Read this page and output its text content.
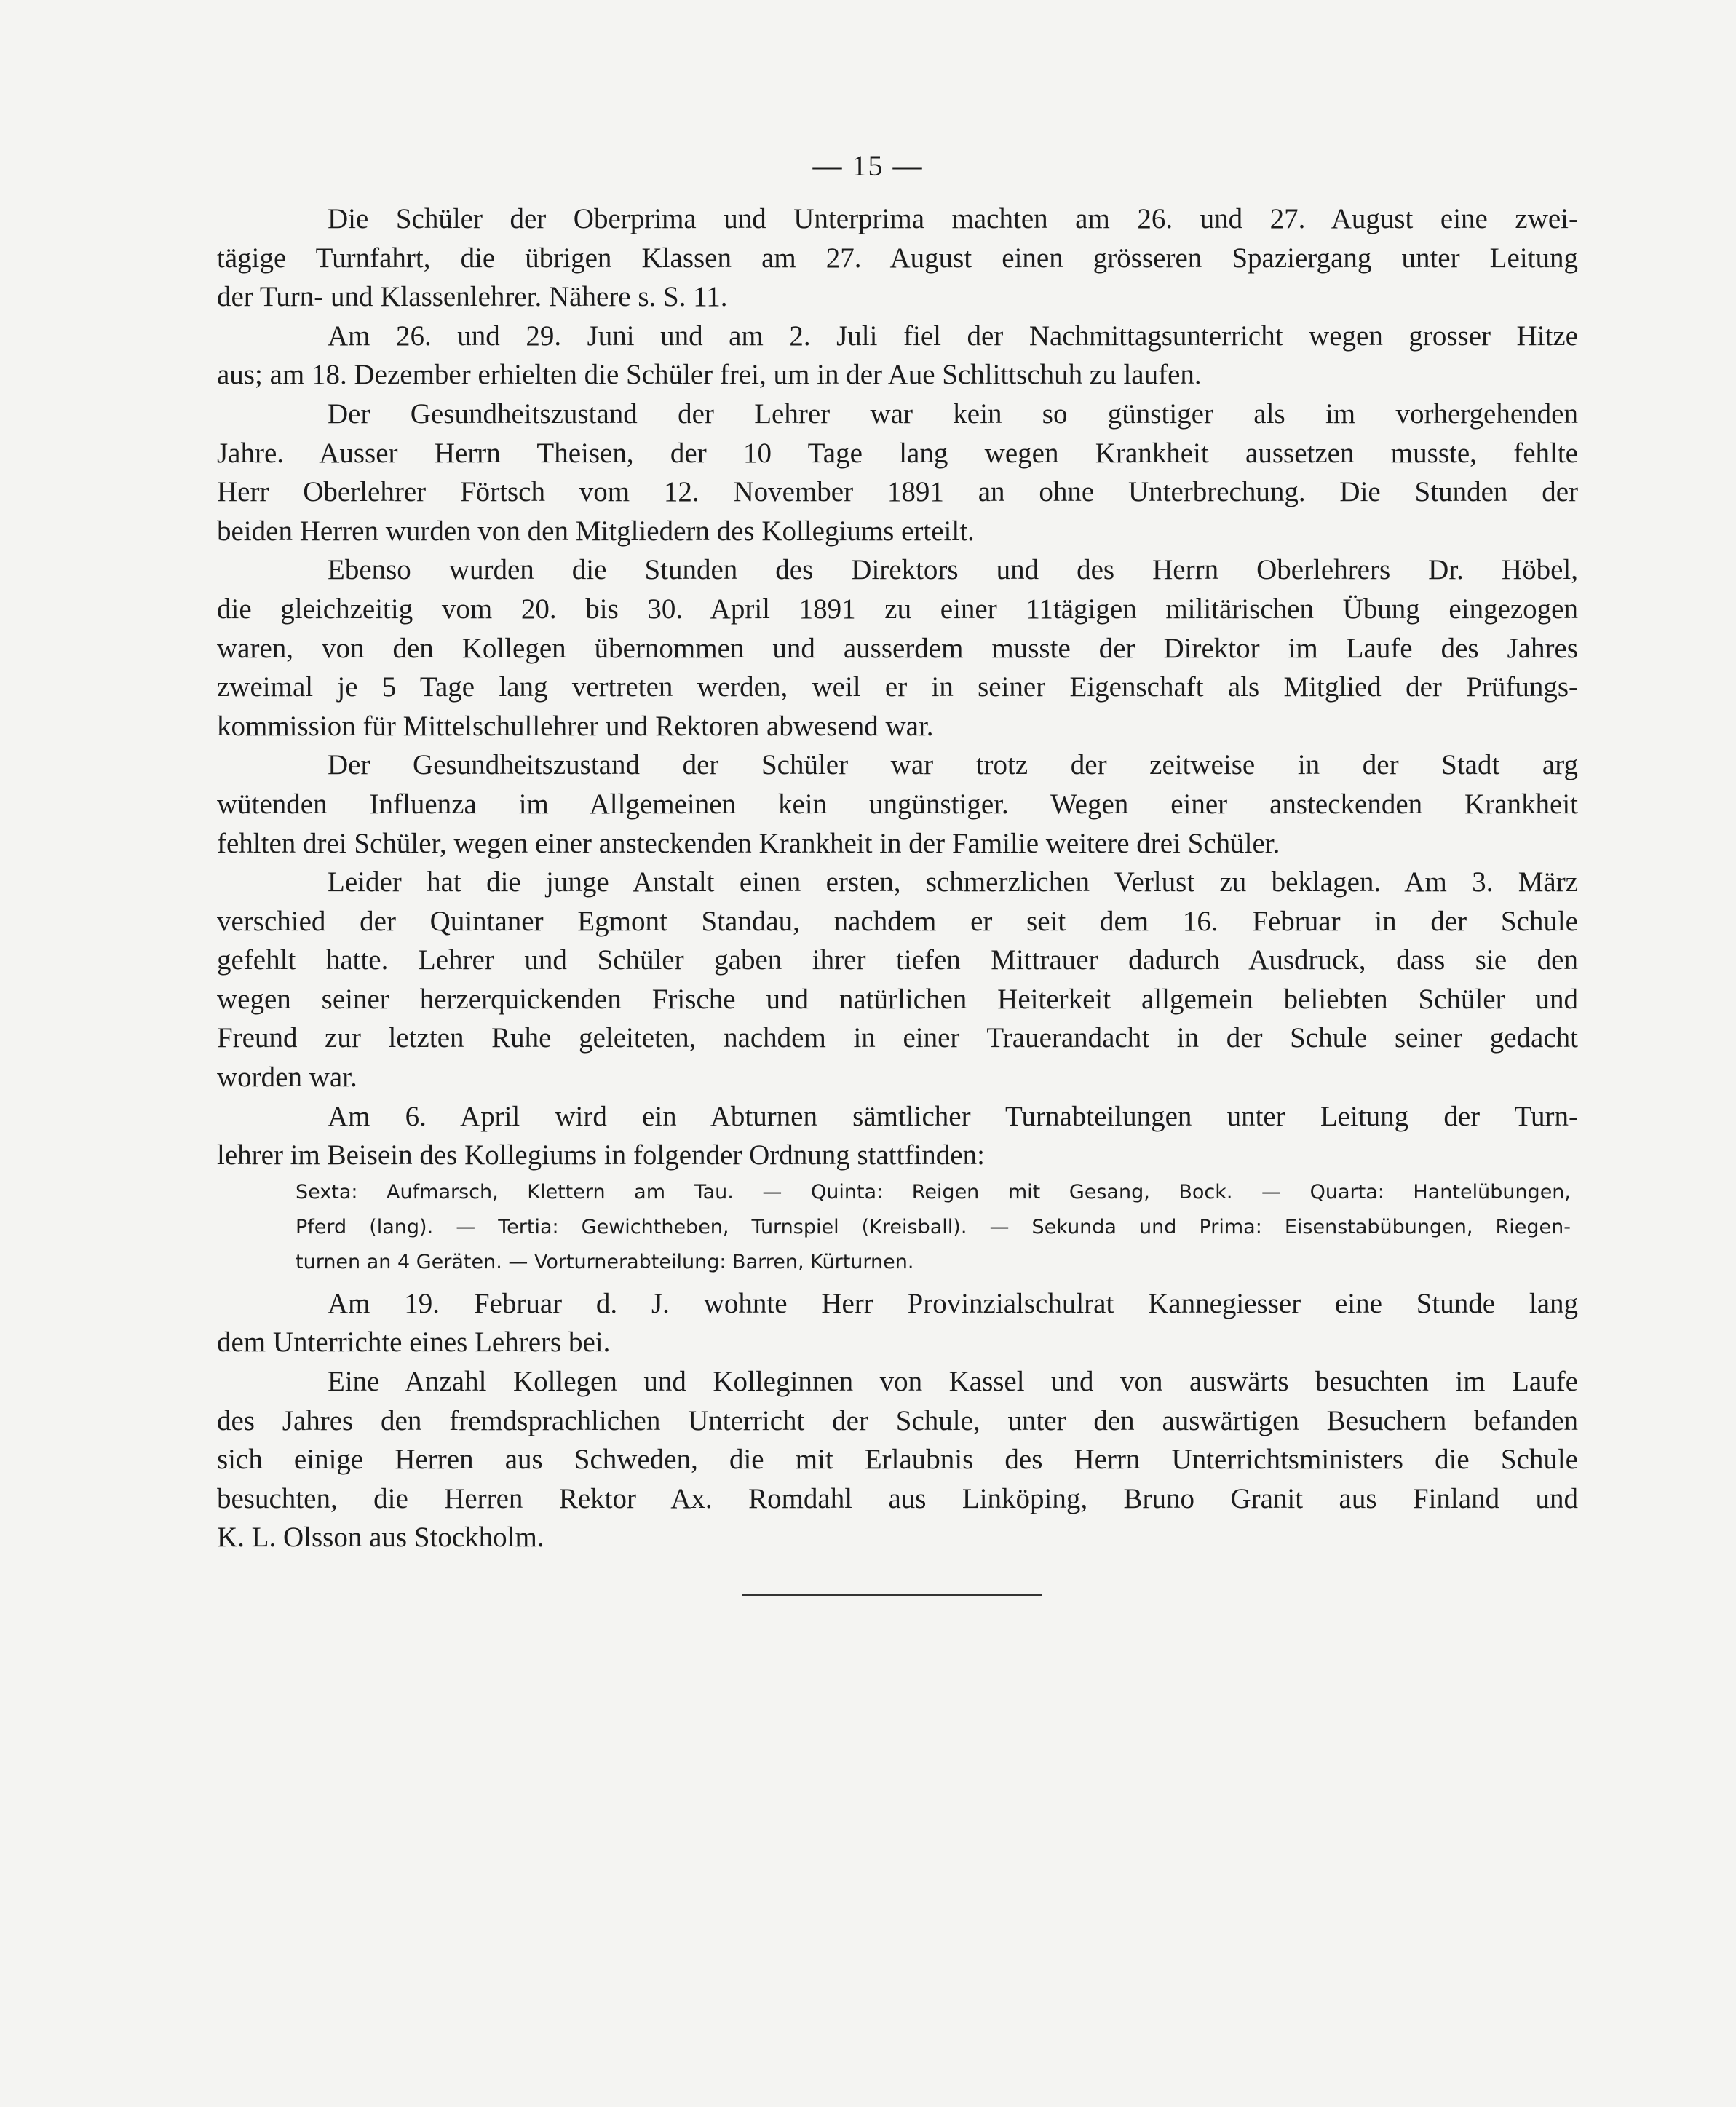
— 15 —

Die Schüler der Oberprima und Unterprima machten am 26. und 27. August eine zwei-
tägige Turnfahrt, die übrigen Klassen am 27. August einen grösseren Spaziergang unter Leitung
der Turn- und Klassenlehrer. Nähere s. S. 11.

Am 26. und 29. Juni und am 2. Juli fiel der Nachmittagsunterricht wegen grosser Hitze
aus; am 18. Dezember erhielten die Schüler frei, um in der Aue Schlittschuh zu laufen.

Der Gesundheitszustand der Lehrer war kein so günstiger als im vorhergehenden
Jahre. Ausser Herrn Theisen, der 10 Tage lang wegen Krankheit aussetzen musste, fehlte
Herr Oberlehrer Förtsch vom 12. November 1891 an ohne Unterbrechung. Die Stunden der
beiden Herren wurden von den Mitgliedern des Kollegiums erteilt.

Ebenso wurden die Stunden des Direktors und des Herrn Oberlehrers Dr. Höbel,
die gleichzeitig vom 20. bis 30. April 1891 zu einer 11tägigen militärischen Übung eingezogen
waren, von den Kollegen übernommen und ausserdem musste der Direktor im Laufe des Jahres
zweimal je 5 Tage lang vertreten werden, weil er in seiner Eigenschaft als Mitglied der Prüfungs-
kommission für Mittelschullehrer und Rektoren abwesend war.

Der Gesundheitszustand der Schüler war trotz der zeitweise in der Stadt arg
wütenden Influenza im Allgemeinen kein ungünstiger. Wegen einer ansteckenden Krankheit
fehlten drei Schüler, wegen einer ansteckenden Krankheit in der Familie weitere drei Schüler.

Leider hat die junge Anstalt einen ersten, schmerzlichen Verlust zu beklagen. Am 3. März
verschied der Quintaner Egmont Standau, nachdem er seit dem 16. Februar in der Schule
gefehlt hatte. Lehrer und Schüler gaben ihrer tiefen Mittrauer dadurch Ausdruck, dass sie den
wegen seiner herzerquickenden Frische und natürlichen Heiterkeit allgemein beliebten Schüler und
Freund zur letzten Ruhe geleiteten, nachdem in einer Trauerandacht in der Schule seiner gedacht
worden war.

Am 6. April wird ein Abturnen sämtlicher Turnabteilungen unter Leitung der Turn-
lehrer im Beisein des Kollegiums in folgender Ordnung stattfinden:

Sexta: Aufmarsch, Klettern am Tau. — Quinta: Reigen mit Gesang, Bock. — Quarta: Hantelübungen,
Pferd (lang). — Tertia: Gewichtheben, Turnspiel (Kreisball). — Sekunda und Prima: Eisenstabübungen, Riegen-
turnen an 4 Geräten. — Vorturnerabteilung: Barren, Kürturnen.

Am 19. Februar d. J. wohnte Herr Provinzialschulrat Kannegiesser eine Stunde lang
dem Unterrichte eines Lehrers bei.

Eine Anzahl Kollegen und Kolleginnen von Kassel und von auswärts besuchten im Laufe
des Jahres den fremdsprachlichen Unterricht der Schule, unter den auswärtigen Besuchern befanden
sich einige Herren aus Schweden, die mit Erlaubnis des Herrn Unterrichtsministers die Schule
besuchten, die Herren Rektor Ax. Romdahl aus Linköping, Bruno Granit aus Finland und
K. L. Olsson aus Stockholm.
